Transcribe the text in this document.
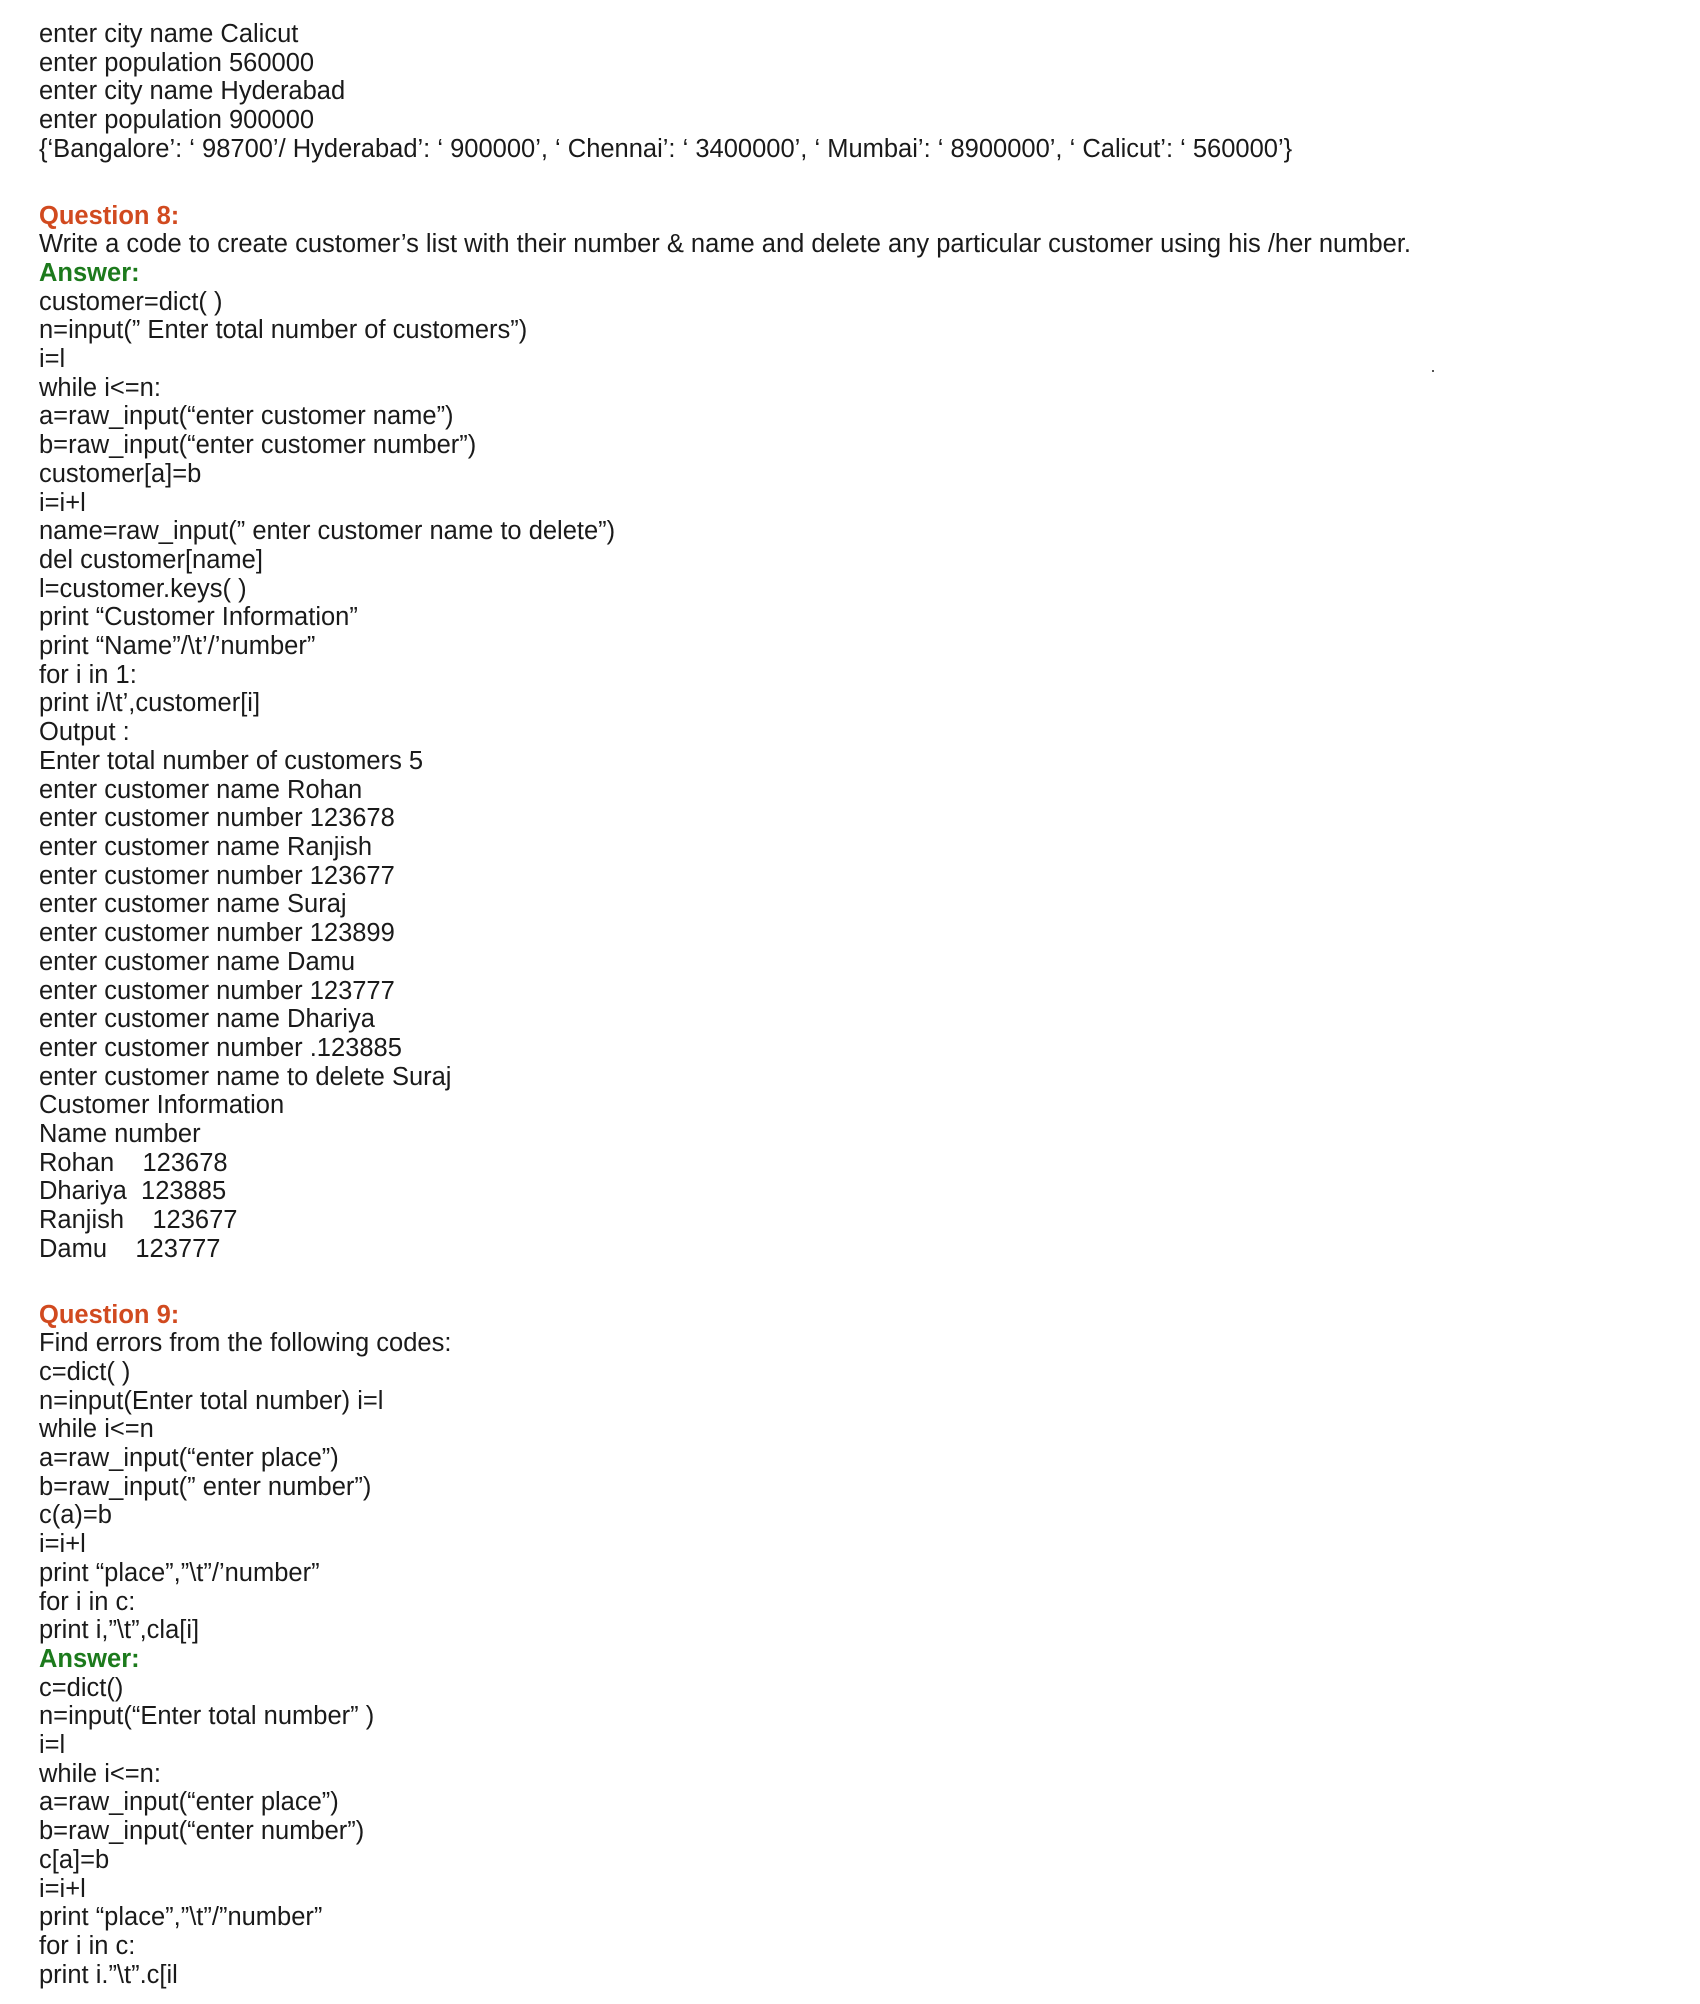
enter city name Calicut
enter population 560000
enter city name Hyderabad
enter population 900000
{‘Bangalore’: ‘ 98700’/ Hyderabad’: ‘ 900000’, ‘ Chennai’: ‘ 3400000’, ‘ Mumbai’: ‘ 8900000’, ‘ Calicut’: ‘ 560000’}
Question 8:
Write a code to create customer’s list with their number & name and delete any particular customer using his /her number.
Answer:
customer=dict( )
n=input(” Enter total number of customers”)
i=l
while i<=n:
a=raw_input(“enter customer name”)
b=raw_input(“enter customer number”)
customer[a]=b
i=i+l
name=raw_input(” enter customer name to delete”)
del customer[name]
l=customer.keys( )
print “Customer Information”
print “Name”/\t’/’number”
for i in 1:
print i/\t’,customer[i]
Output :
Enter total number of customers 5
enter customer name Rohan
enter customer number 123678
enter customer name Ranjish
enter customer number 123677
enter customer name Suraj
enter customer number 123899
enter customer name Damu
enter customer number 123777
enter customer name Dhariya
enter customer number .123885
enter customer name to delete Suraj
Customer Information
Name number
Rohan    123678
Dhariya  123885
Ranjish    123677
Damu    123777
Question 9:
Find errors from the following codes:
c=dict( )
n=input(Enter total number) i=l
while i<=n
a=raw_input(“enter place”)
b=raw_input(” enter number”)
c(a)=b
i=i+l
print “place”,”\t”/’number”
for i in c:
print i,”\t”,cla[i]
Answer:
c=dict()
n=input(“Enter total number” )
i=l
while i<=n:
a=raw_input(“enter place”)
b=raw_input(“enter number”)
c[a]=b
i=i+l
print “place”,”\t”/”number”
for i in c:
print i.”\t”.c[il
